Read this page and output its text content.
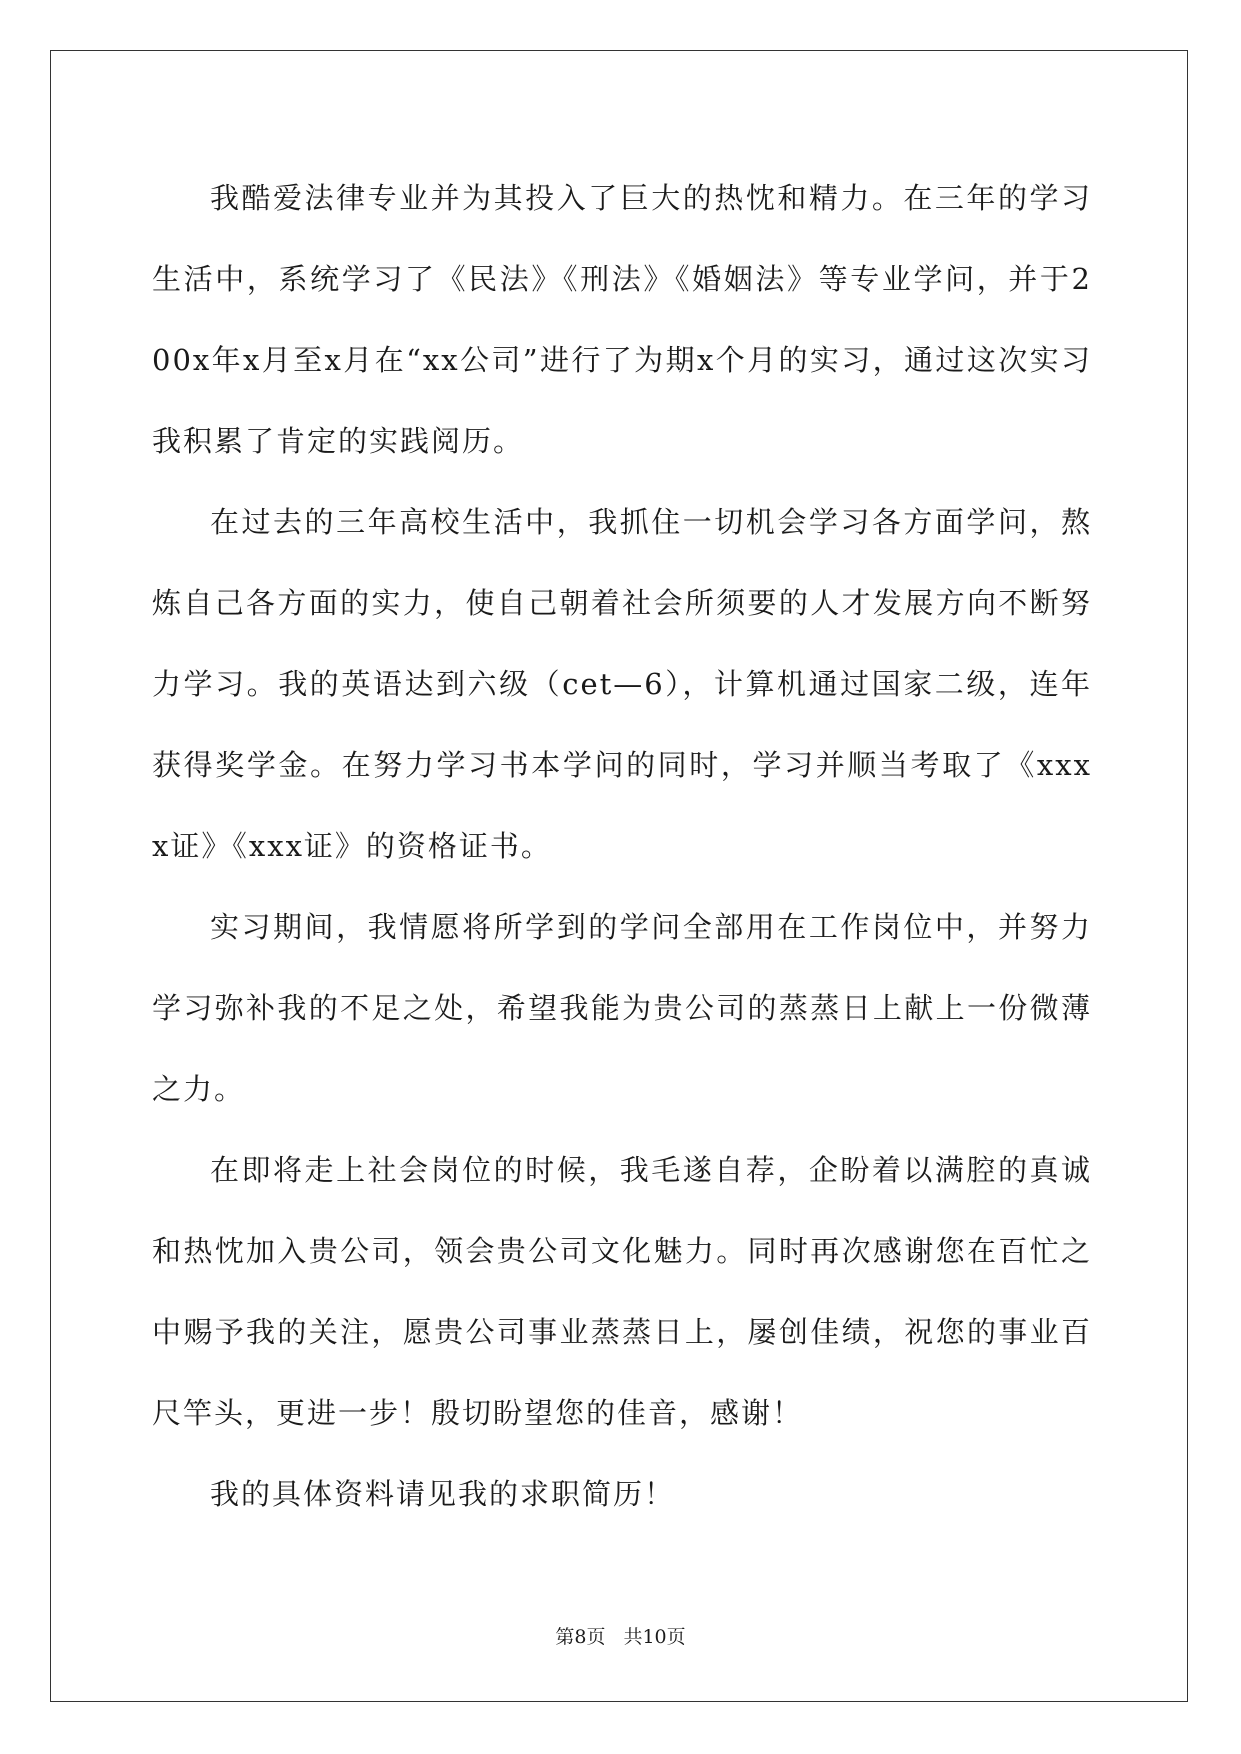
我酷爱法律专业并为其投入了巨大的热忱和精力。在三年的学习生活中，系统学习了《民法》《刑法》《婚姻法》等专业学问，并于200x年x月至x月在“xx公司”进行了为期x个月的实习，通过这次实习我积累了肯定的实践阅历。

在过去的三年高校生活中，我抓住一切机会学习各方面学问，熬炼自己各方面的实力，使自己朝着社会所须要的人才发展方向不断努力学习。我的英语达到六级（cet—6），计算机通过国家二级，连年获得奖学金。在努力学习书本学问的同时，学习并顺当考取了《xxxx证》《xxx证》的资格证书。

实习期间，我情愿将所学到的学问全部用在工作岗位中，并努力学习弥补我的不足之处，希望我能为贵公司的蒸蒸日上献上一份微薄之力。

在即将走上社会岗位的时候，我毛遂自荐，企盼着以满腔的真诚和热忱加入贵公司，领会贵公司文化魅力。同时再次感谢您在百忙之中赐予我的关注，愿贵公司事业蒸蒸日上，屡创佳绩，祝您的事业百尺竿头，更进一步！殷切盼望您的佳音，感谢！

我的具体资料请见我的求职简历！

第8页 共10页
